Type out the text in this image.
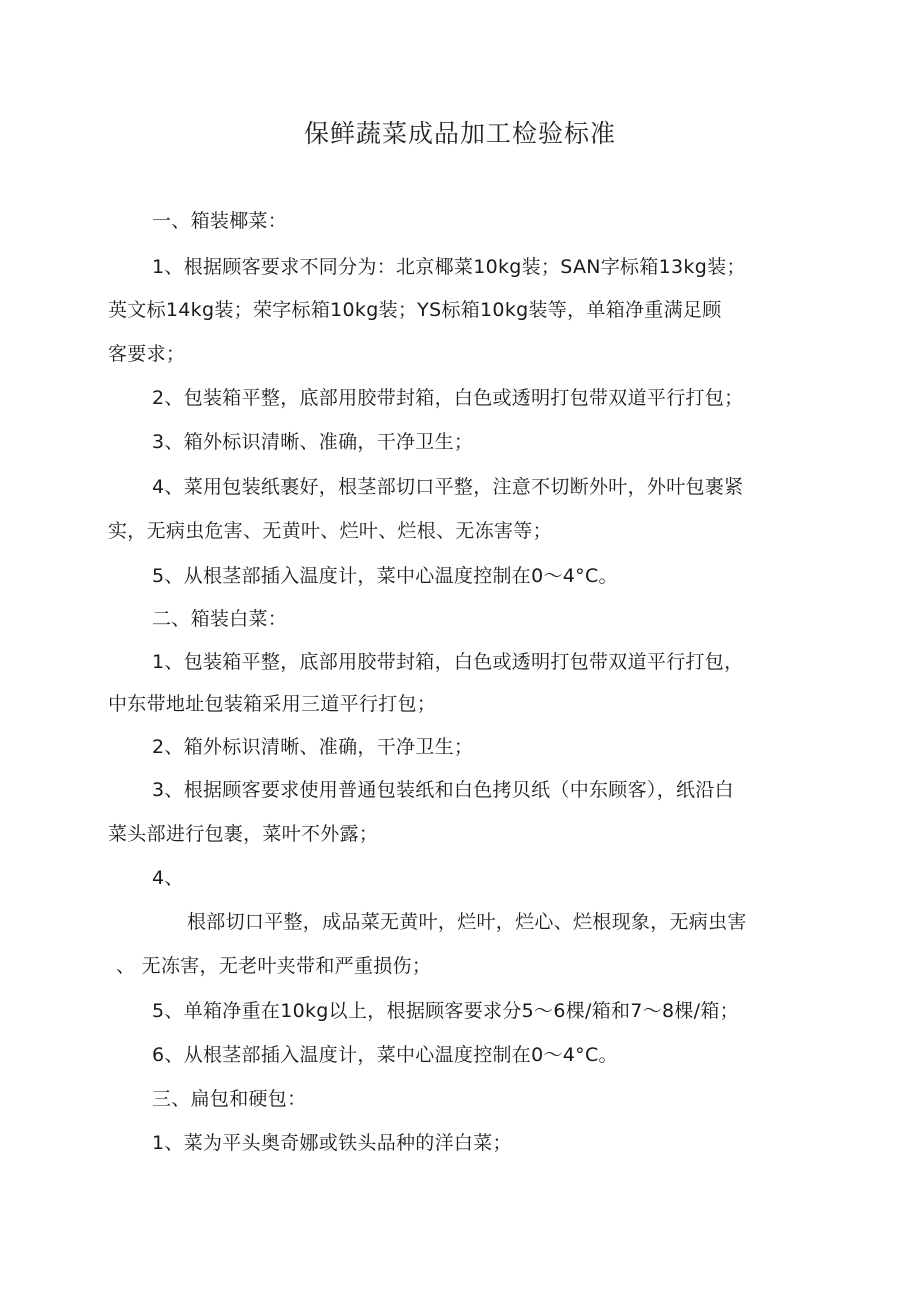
保鲜蔬菜成品加工检验标准
一、箱装椰菜：
1、根据顾客要求不同分为：北京椰菜10kg装；SAN字标箱13kg装；
英文标14kg装；荣字标箱10kg装；YS标箱10kg装等，单箱净重满足顾
客要求；
2、包装箱平整，底部用胶带封箱，白色或透明打包带双道平行打包；
3、箱外标识清晰、准确，干净卫生；
4、菜用包装纸裹好，根茎部切口平整，注意不切断外叶，外叶包裹紧
实，无病虫危害、无黄叶、烂叶、烂根、无冻害等；
5、从根茎部插入温度计，菜中心温度控制在0～4°C。
二、箱装白菜：
1、包装箱平整，底部用胶带封箱，白色或透明打包带双道平行打包，
中东带地址包装箱采用三道平行打包；
2、箱外标识清晰、准确，干净卫生；
3、根据顾客要求使用普通包装纸和白色拷贝纸（中东顾客），纸沿白
菜头部进行包裹，菜叶不外露；
4、
根部切口平整，成品菜无黄叶，烂叶，烂心、烂根现象，无病虫害
、 无冻害，无老叶夹带和严重损伤；
5、单箱净重在10kg以上，根据顾客要求分5～6棵/箱和7～8棵/箱；
6、从根茎部插入温度计，菜中心温度控制在0～4°C。
三、扁包和硬包：
1、菜为平头奥奇娜或铁头品种的洋白菜；
